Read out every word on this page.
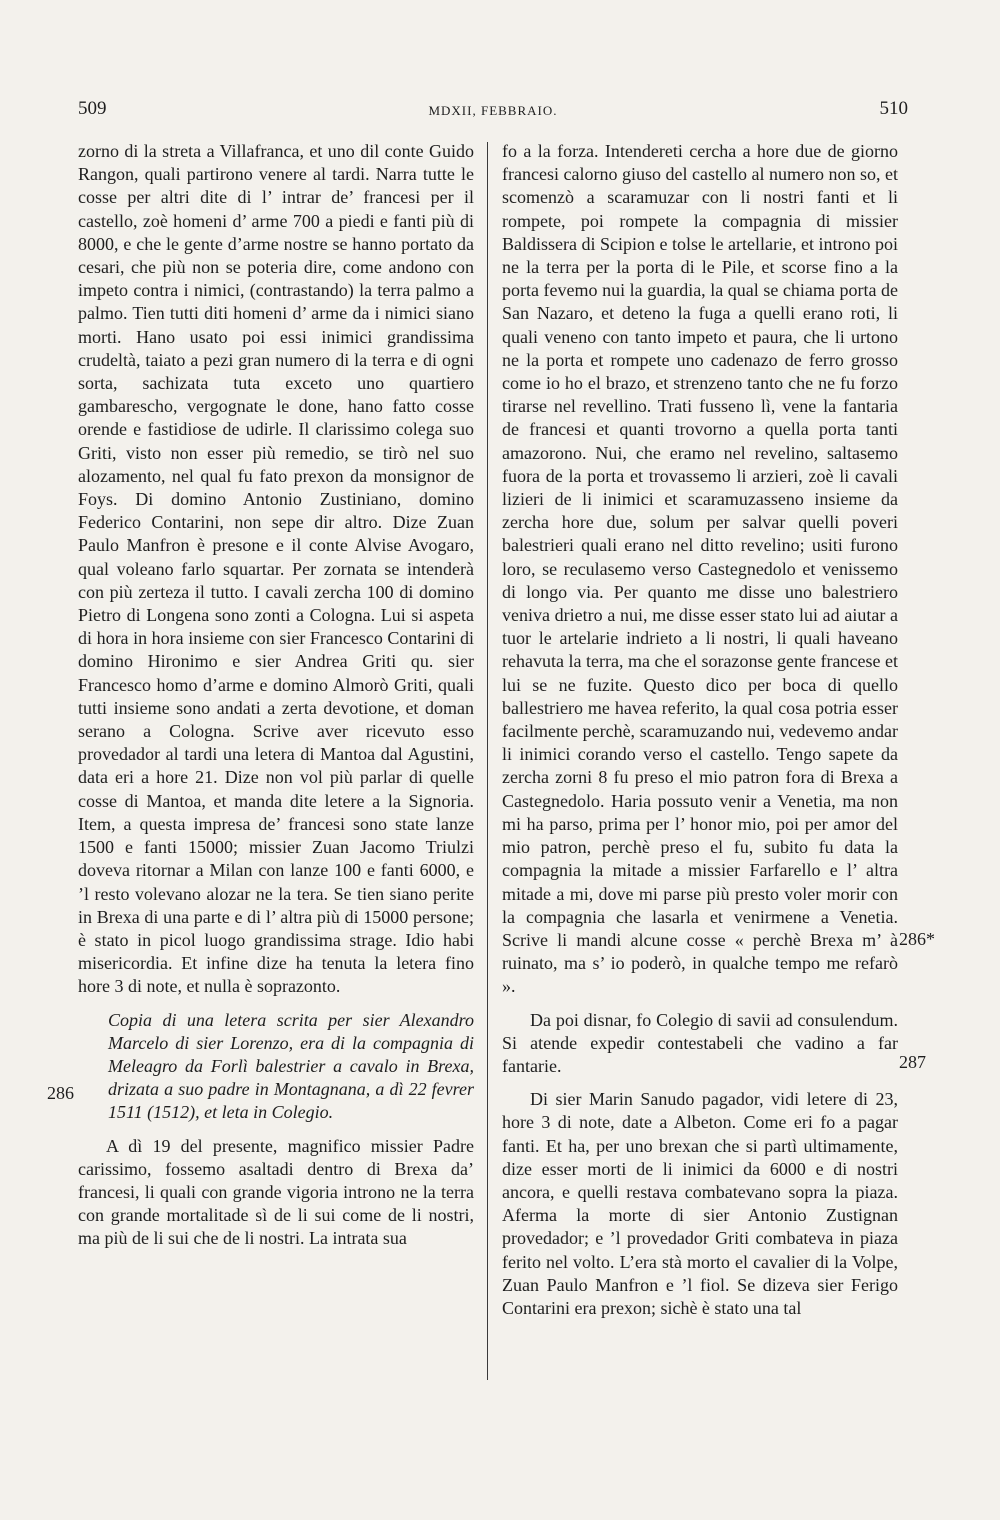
509	MDXII, FEBBRAIO.	510

zorno di la streta a Villafranca, et uno dil conte Guido Rangon, quali partirono venere al tardi. Narra tutte le cosse per altri dite di l’ intrar de’ francesi per il castello, zoè homeni d’ arme 700 a piedi e fanti più di 8000, e che le gente d’arme nostre se hanno portato da cesari, che più non se poteria dire, come andono con impeto contra i nimici, (contrastando) la terra palmo a palmo. Tien tutti diti homeni d’ arme da i nimici siano morti. Hano usato poi essi inimici grandissima crudeltà, taiato a pezi gran numero di la terra e di ogni sorta, sachizata tuta exceto uno quartiero gambarescho, vergognate le done, hano fatto cosse orende e fastidiose de udirle. Il clarissimo colega suo Griti, visto non esser più remedio, se tirò nel suo alozamento, nel qual fu fato prexon da monsignor de Foys. Di domino Antonio Zustiniano, domino Federico Contarini, non sepe dir altro. Dize Zuan Paulo Manfron è presone e il conte Alvise Avogaro, qual voleano farlo squartar. Per zornata se intenderà con più zerteza il tutto. I cavali zercha 100 di domino Pietro di Longena sono zonti a Cologna. Lui si aspeta di hora in hora insieme con sier Francesco Contarini di domino Hironimo e sier Andrea Griti qu. sier Francesco homo d’arme e domino Almorò Griti, quali tutti insieme sono andati a zerta devotione, et doman serano a Cologna. Scrive aver ricevuto esso provedador al tardi una letera di Mantoa dal Agustini, data eri a hore 21. Dize non vol più parlar di quelle cosse di Mantoa, et manda dite letere a la Signoria. Item, a questa impresa de’ francesi sono state lanze 1500 e fanti 15000; missier Zuan Jacomo Triulzi doveva ritornar a Milan con lanze 100 e fanti 6000, e ’l resto volevano alozar ne la tera. Se tien siano perite in Brexa di una parte e di l’ altra più di 15000 persone; è stato in picol luogo grandissima strage. Idio habi misericordia. Et infine dize ha tenuta la letera fino hore 3 di note, et nulla è soprazonto.

Copia di una letera scrita per sier Alexandro Marcelo di sier Lorenzo, era di la compagnia di Meleagro da Forlì balestrier a cavalo in Brexa, drizata a suo padre in Montagnana, a dì 22 fevrer 1511 (1512), et leta in Colegio.

A dì 19 del presente, magnifico missier Padre carissimo, fossemo asaltadi dentro di Brexa da’ francesi, li quali con grande vigoria introno ne la terra con grande mortalitade sì de li sui come de li nostri, ma più de li sui che de li nostri. La intrata sua

fo a la forza. Intendereti cercha a hore due de giorno francesi calorno giuso del castello al numero non so, et scomenzò a scaramuzar con li nostri fanti et li rompete, poi rompete la compagnia di missier Baldissera di Scipion e tolse le artellarie, et introno poi ne la terra per la porta di le Pile, et scorse fino a la porta fevemo nui la guardia, la qual se chiama porta de San Nazaro, et deteno la fuga a quelli erano roti, li quali veneno con tanto impeto et paura, che li urtono ne la porta et rompete uno cadenazo de ferro grosso come io ho el brazo, et strenzeno tanto che ne fu forzo tirarse nel revellino. Trati fusseno lì, vene la fantaria de francesi et quanti trovorno a quella porta tanti amazorono. Nui, che eramo nel revelino, saltasemo fuora de la porta et trovassemo li arzieri, zoè li cavali lizieri de li inimici et scaramuzasseno insieme da zercha hore due, solum per salvar quelli poveri balestrieri quali erano nel ditto revelino; usiti furono loro, se reculasemo verso Castegnedolo et venissemo di longo via. Per quanto me disse uno balestriero veniva drietro a nui, me disse esser stato lui ad aiutar a tuor le artelarie indrieto a li nostri, li quali haveano rehavuta la terra, ma che el sorazonse gente francese et lui se ne fuzite. Questo dico per boca di quello ballestriero me havea referito, la qual cosa potria esser facilmente perchè, scaramuzando nui, vedevemo andar li inimici corando verso el castello. Tengo sapete da zercha zorni 8 fu preso el mio patron fora di Brexa a Castegnedolo. Haria possuto venir a Venetia, ma non mi ha parso, prima per l’ honor mio, poi per amor del mio patron, perchè preso el fu, subito fu data la compagnia la mitade a missier Farfarello e l’ altra mitade a mi, dove mi parse più presto voler morir con la compagnia che lasarla et venirmene a Venetia. Scrive li mandi alcune cosse « perchè Brexa m’ à ruinato, ma s’ io poderò, in qualche tempo me refarò ».

Da poi disnar, fo Colegio di savii ad consulendum. Si atende expedir contestabeli che vadino a far fantarie.

Di sier Marin Sanudo pagador, vidi letere di 23, hore 3 di note, date a Albeton. Come eri fo a pagar fanti. Et ha, per uno brexan che si partì ultimamente, dize esser morti de li inimici da 6000 e di nostri ancora, e quelli restava combatevano sopra la piaza. Afermа la morte di sier Antonio Zustignan provedador; e ’l provedador Griti combateva in piaza ferito nel volto. L’era stà morto el cavalier di la Volpe, Zuan Paulo Manfron e ’l fiol. Se dizeva sier Ferigo Contarini era prexon; sichè è stato una tal

286
286*
287
